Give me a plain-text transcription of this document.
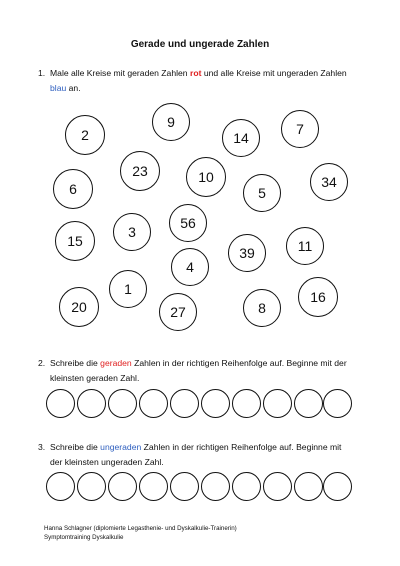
Gerade und ungerade Zahlen
1. Male alle Kreise mit geraden Zahlen rot und alle Kreise mit ungeraden Zahlen
blau an.
9
2	14
7
23	10	34
6	5
56
3
15	11
39
4
1	16
20	27	8
2. Schreibe die geraden Zahlen in der richtigen Reihenfolge auf. Beginne mit der
kleinsten geraden Zahl.
3. Schreibe die ungeraden Zahlen in der richtigen Reihenfolge auf. Beginne mit
der kleinsten ungeraden Zahl.
Hanna Schlagner (diplomierte Legasthenie- und Dyskalkulie-Trainerin)
Symptomtraining Dyskalkulie
